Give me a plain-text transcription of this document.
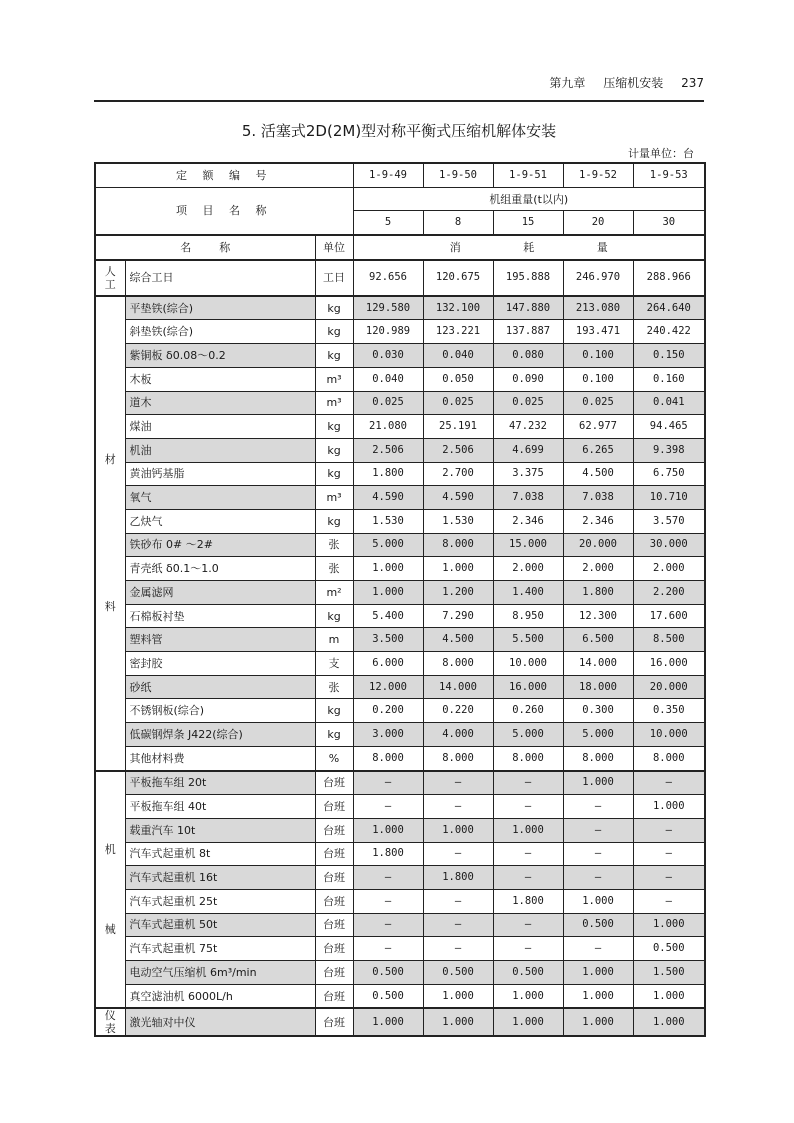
第九章 压缩机安装 237
5. 活塞式2D(2M)型对称平衡式压缩机解体安装
计量单位：台
定 额 编 号			1-9-49	1-9-50	1-9-51	1-9-52	1-9-53
项 目 名 称			机组重量(t以内)				
			5	8	15	20	30
名        称		单位	消 耗 量				

人
工	综合工日	工日	92.656	120.675	195.888	246.970	288.966

材
料	平垫铁(综合)	kg	129.580	132.100	147.880	213.080	264.640
	斜垫铁(综合)	kg	120.989	123.221	137.887	193.471	240.422
	紫铜板 δ0.08～0.2	kg	0.030	0.040	0.080	0.100	0.150
	木板	m³	0.040	0.050	0.090	0.100	0.160
	道木	m³	0.025	0.025	0.025	0.025	0.041
	煤油	kg	21.080	25.191	47.232	62.977	94.465
	机油	kg	2.506	2.506	4.699	6.265	9.398
	黄油钙基脂	kg	1.800	2.700	3.375	4.500	6.750
	氧气	m³	4.590	4.590	7.038	7.038	10.710
	乙炔气	kg	1.530	1.530	2.346	2.346	3.570
	铁砂布 0# ～2#	张	5.000	8.000	15.000	20.000	30.000
	青壳纸 δ0.1～1.0	张	1.000	1.000	2.000	2.000	2.000
	金属滤网	m²	1.000	1.200	1.400	1.800	2.200
	石棉板衬垫	kg	5.400	7.290	8.950	12.300	17.600
	塑料管	m	3.500	4.500	5.500	6.500	8.500
	密封胶	支	6.000	8.000	10.000	14.000	16.000
	砂纸	张	12.000	14.000	16.000	18.000	20.000
	不锈钢板(综合)	kg	0.200	0.220	0.260	0.300	0.350
	低碳钢焊条 J422(综合)	kg	3.000	4.000	5.000	5.000	10.000
	其他材料费	%	8.000	8.000	8.000	8.000	8.000

机
械	平板拖车组 20t	台班	—	—	—	1.000	—
	平板拖车组 40t	台班	—	—	—	—	1.000
	载重汽车 10t	台班	1.000	1.000	1.000	—	—
	汽车式起重机 8t	台班	1.800	—	—	—	—
	汽车式起重机 16t	台班	—	1.800	—	—	—
	汽车式起重机 25t	台班	—	—	1.800	1.000	—
	汽车式起重机 50t	台班	—	—	—	0.500	1.000
	汽车式起重机 75t	台班	—	—	—	—	0.500
	电动空气压缩机 6m³/min	台班	0.500	0.500	0.500	1.000	1.500
	真空滤油机 6000L/h	台班	0.500	1.000	1.000	1.000	1.000

仪
表	激光轴对中仪	台班	1.000	1.000	1.000	1.000	1.000
